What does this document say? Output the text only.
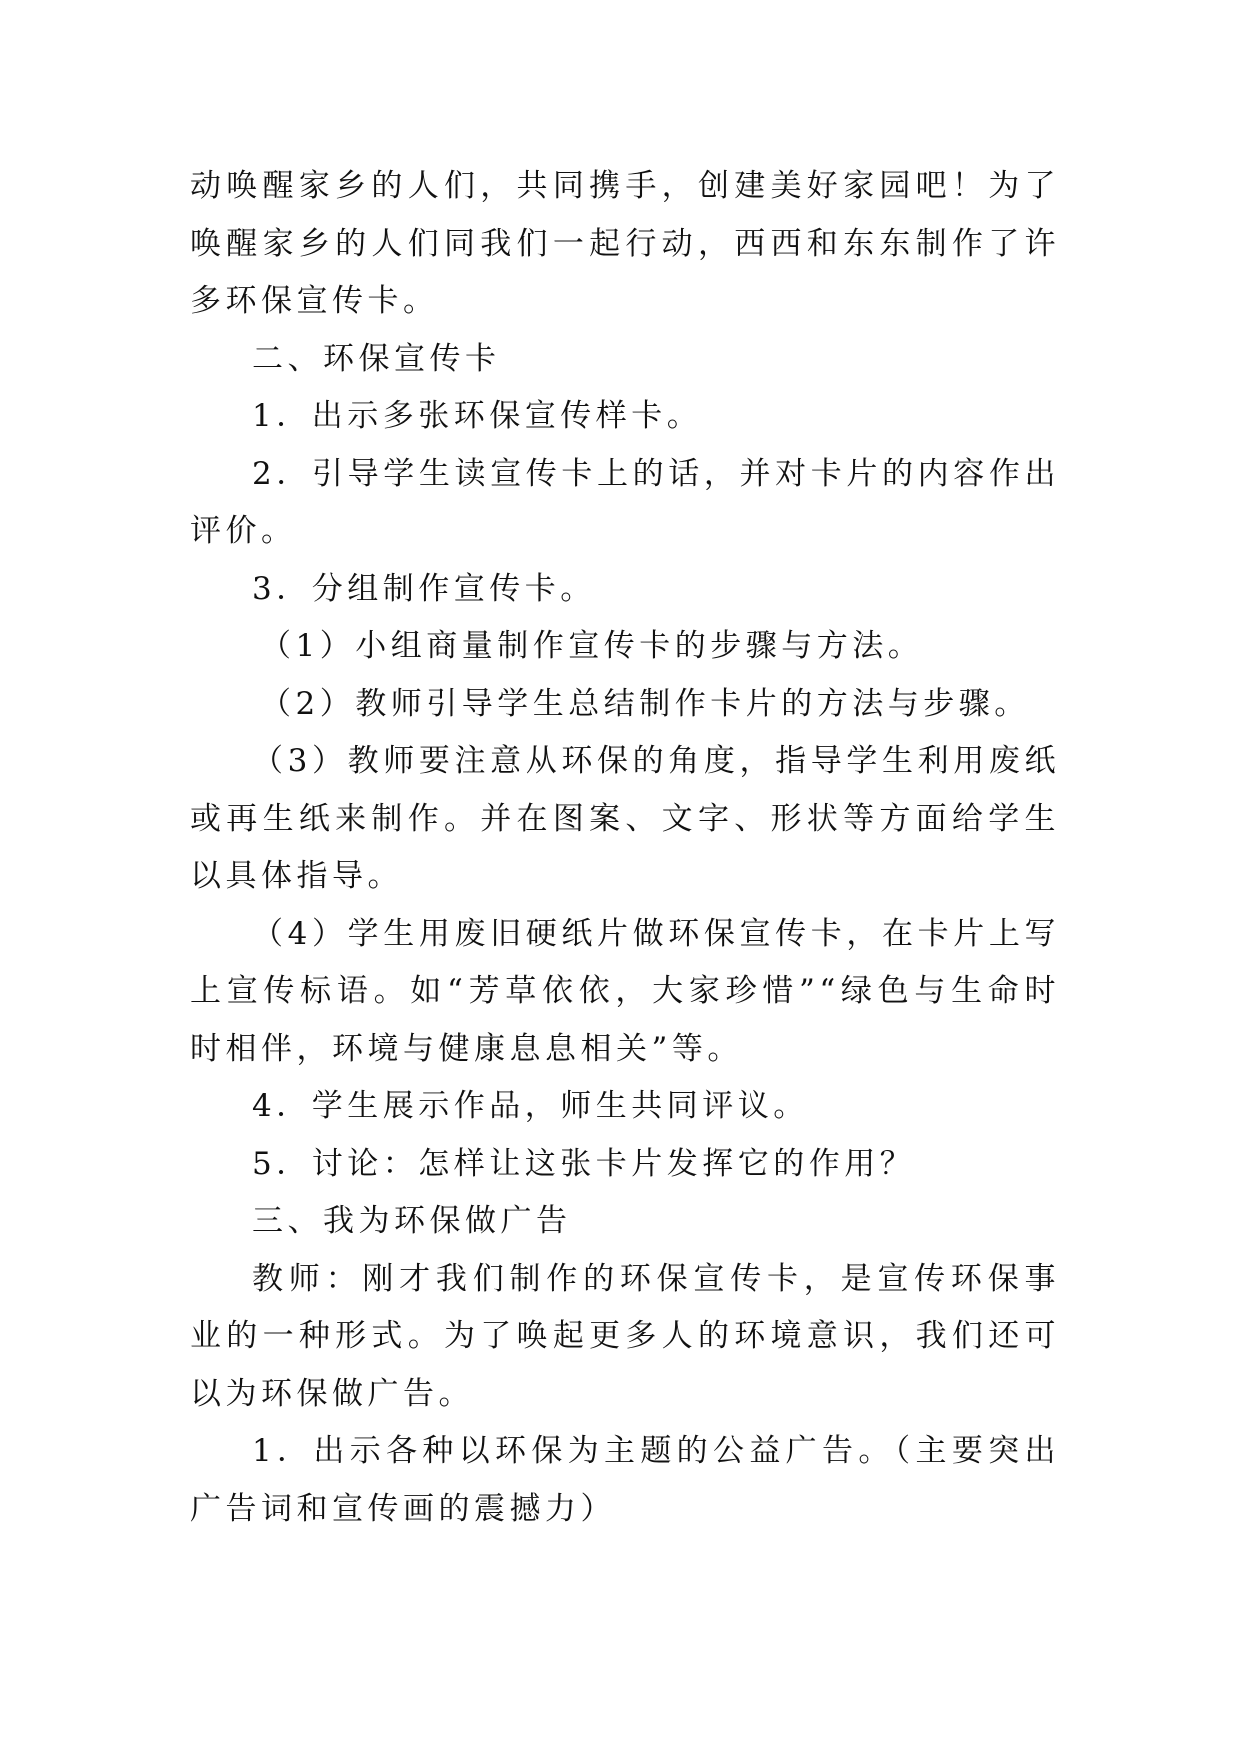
动唤醒家乡的人们，共同携手，创建美好家园吧！为了唤醒家乡的人们同我们一起行动，西西和东东制作了许多环保宣传卡。

二、环保宣传卡

1．出示多张环保宣传样卡。

2．引导学生读宣传卡上的话，并对卡片的内容作出评价。

3．分组制作宣传卡。

（1）小组商量制作宣传卡的步骤与方法。

（2）教师引导学生总结制作卡片的方法与步骤。

（3）教师要注意从环保的角度，指导学生利用废纸或再生纸来制作。并在图案、文字、形状等方面给学生以具体指导。

（4）学生用废旧硬纸片做环保宣传卡，在卡片上写上宣传标语。如“芳草依依，大家珍惜”“绿色与生命时时相伴，环境与健康息息相关”等。

4．学生展示作品，师生共同评议。

5．讨论：怎样让这张卡片发挥它的作用？

三、我为环保做广告

教师：刚才我们制作的环保宣传卡，是宣传环保事业的一种形式。为了唤起更多人的环境意识，我们还可以为环保做广告。

1．出示各种以环保为主题的公益广告。（主要突出广告词和宣传画的震撼力）
